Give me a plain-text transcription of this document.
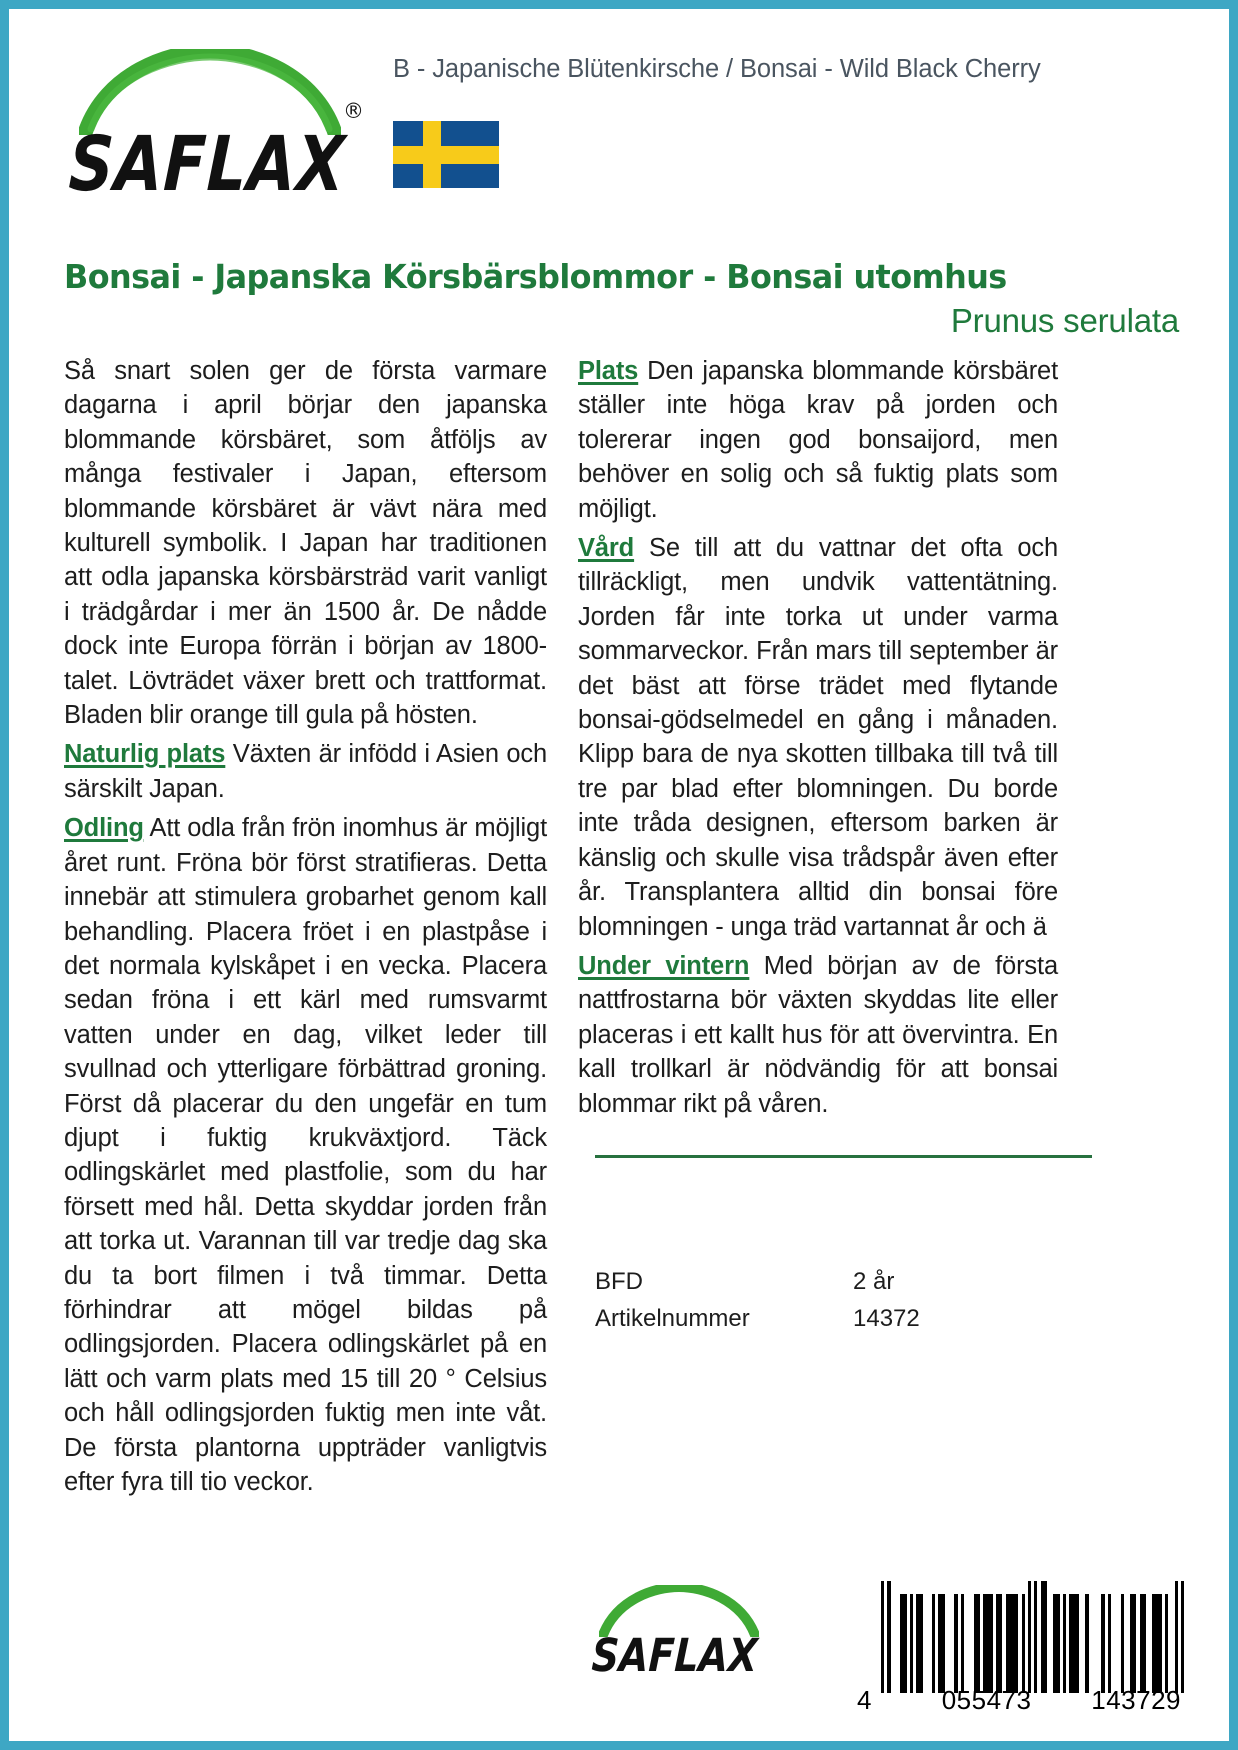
®
SAFLAX
B - Japanische Blütenkirsche / Bonsai - Wild Black Cherry
Bonsai - Japanska Körsbärsblommor - Bonsai utomhus
Prunus serulata

Så snart solen ger de första varmare dagarna i april börjar den japanska blommande körsbäret, som åtföljs av många festivaler i Japan, eftersom blommande körsbäret är vävt nära med kulturell symbolik. I Japan har traditionen att odla japanska körsbärsträd varit vanligt i trädgårdar i mer än 1500 år. De nådde dock inte Europa förrän i början av 1800-talet. Lövträdet växer brett och trattformat. Bladen blir orange till gula på hösten.

Naturlig plats Växten är infödd i Asien och särskilt Japan.

Odling Att odla från frön inomhus är möjligt året runt. Fröna bör först stratifieras. Detta innebär att stimulera grobarhet genom kall behandling. Placera fröet i en plastpåse i det normala kylskåpet i en vecka. Placera sedan fröna i ett kärl med rumsvarmt vatten under en dag, vilket leder till svullnad och ytterligare förbättrad groning. Först då placerar du den ungefär en tum djupt i fuktig krukväxtjord. Täck odlingskärlet med plastfolie, som du har försett med hål. Detta skyddar jorden från att torka ut. Varannan till var tredje dag ska du ta bort filmen i två timmar. Detta förhindrar att mögel bildas på odlingsjorden. Placera odlingskärlet på en lätt och varm plats med 15 till 20 ° Celsius och håll odlingsjorden fuktig men inte våt. De första plantorna uppträder vanligtvis efter fyra till tio veckor.

Plats Den japanska blommande körsbäret ställer inte höga krav på jorden och tolererar ingen god bonsaijord, men behöver en solig och så fuktig plats som möjligt.

Vård Se till att du vattnar det ofta och tillräckligt, men undvik vattentätning. Jorden får inte torka ut under varma sommarveckor. Från mars till september är det bäst att förse trädet med flytande bonsai-gödselmedel en gång i månaden. Klipp bara de nya skotten tillbaka till två till tre par blad efter blomningen. Du borde inte tråda designen, eftersom barken är känslig och skulle visa trådspår även efter år. Transplantera alltid din bonsai före blomningen - unga träd vartannat år och ä

Under vintern Med början av de första nattfrostarna bör växten skyddas lite eller placeras i ett kallt hus för att övervintra. En kall trollkarl är nödvändig för att bonsai blommar rikt på våren.

BFD	2 år
Artikelnummer	14372
SAFLAX
4	055473 143729
